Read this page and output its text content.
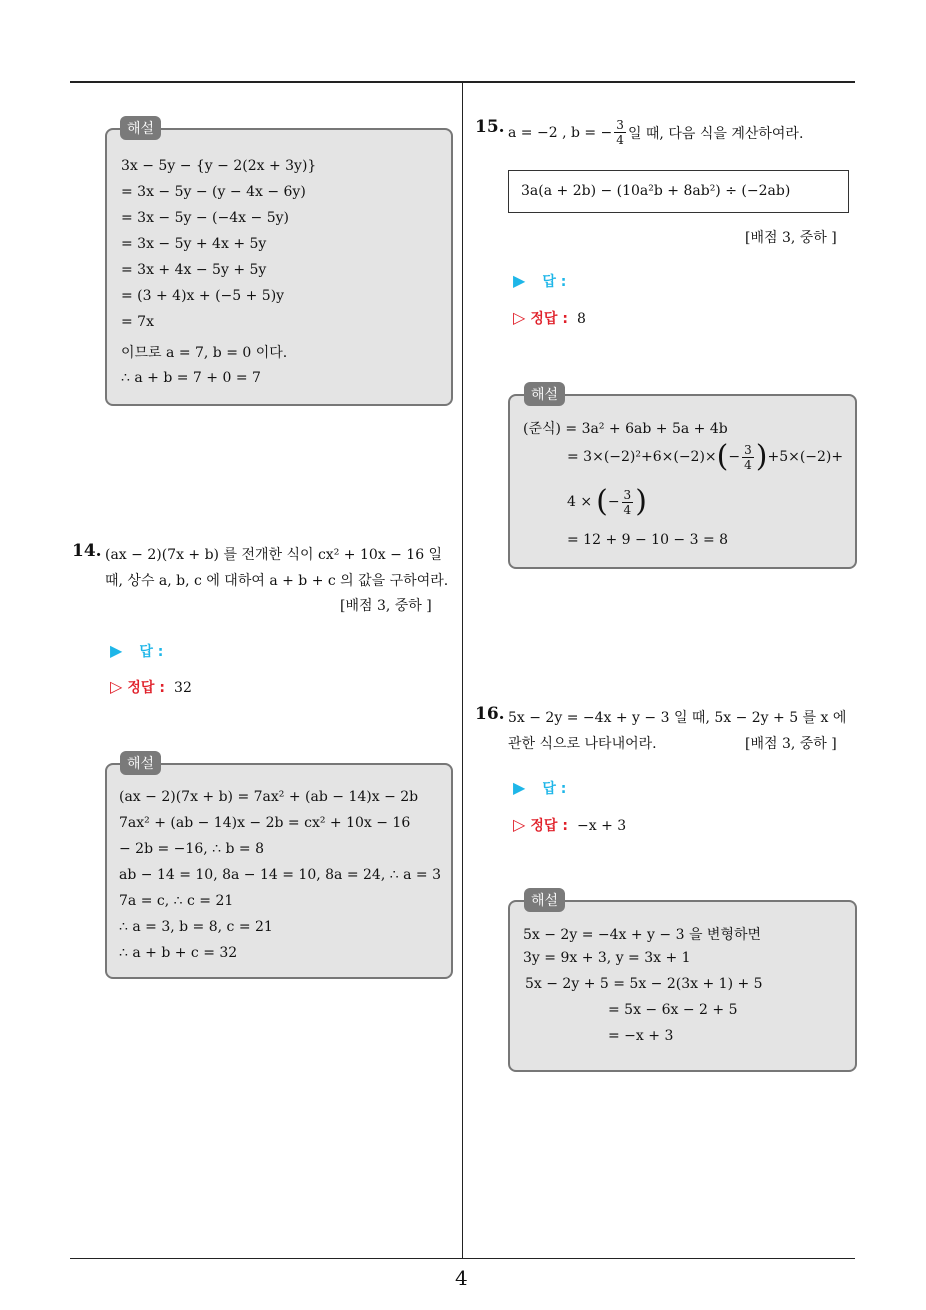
4
3x − 5y − {y − 2(2x + 3y)}
= 3x − 5y − (y − 4x − 6y)
= 3x − 5y − (−4x − 5y)
= 3x − 5y + 4x + 5y
= 3x + 4x − 5y + 5y
= (3 + 4)x + (−5 + 5)y
= 7x
이므로 a = 7, b = 0 이다.
∴ a + b = 7 + 0 = 7
해설
14. (ax − 2)(7x + b) 를 전개한 식이 cx² + 10x − 16 일
때, 상수 a, b, c 에 대하여 a + b + c 의 값을 구하여라.
[배점 3, 중하 ]
▶ 답 :
▷ 정답 : 32
(ax − 2)(7x + b) = 7ax² + (ab − 14)x − 2b
7ax² + (ab − 14)x − 2b = cx² + 10x − 16
− 2b = −16, ∴ b = 8
ab − 14 = 10, 8a − 14 = 10, 8a = 24, ∴ a = 3
7a = c, ∴ c = 21
∴ a = 3, b = 8, c = 21
∴ a + b + c = 32
해설
15. a = −2 , b = − $\frac{3}{4}$ 일 때, 다음 식을 계산하여라.
3a(a + 2b) − (10a²b + 8ab²) ÷ (−2ab)
[배점 3, 중하 ]
▶ 답 :
▷ 정답 : 8
(준식) = 3a² + 6ab + 5a + 4b
= 3×(−2)²+6×(−2)× ( − $\frac{3}{4}$ ) +5×(−2)+
4 × ( − $\frac{3}{4}$ )
= 12 + 9 − 10 − 3 = 8
해설
16. 5x − 2y = −4x + y − 3 일 때, 5x − 2y + 5 를 x 에
관한 식으로 나타내어라.	[배점 3, 중하 ]
▶ 답 :
▷ 정답 : −x + 3
5x − 2y = −4x + y − 3 을 변형하면
3y = 9x + 3, y = 3x + 1
5x − 2y + 5 = 5x − 2(3x + 1) + 5
= 5x − 6x − 2 + 5
= −x + 3
해설
